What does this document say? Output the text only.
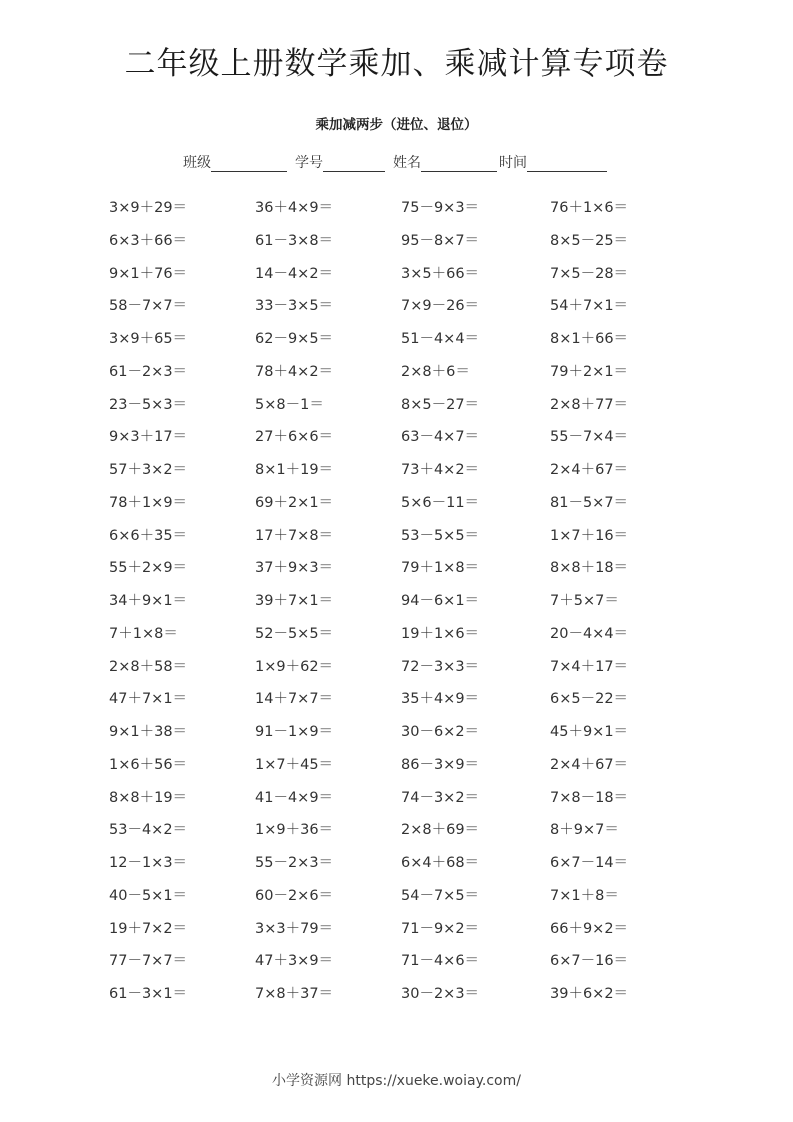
二年级上册数学乘加、乘减计算专项卷
乘加减两步（进位、退位）
班级	学号	姓名	时间
3×9＋29＝	36＋4×9＝	75－9×3＝	76＋1×6＝
6×3＋66＝	61－3×8＝	95－8×7＝	8×5－25＝
9×1＋76＝	14－4×2＝	3×5＋66＝	7×5－28＝
58－7×7＝	33－3×5＝	7×9－26＝	54＋7×1＝
3×9＋65＝	62－9×5＝	51－4×4＝	8×1＋66＝
61－2×3＝	78＋4×2＝	2×8＋6＝	79＋2×1＝
23－5×3＝	5×8－1＝	8×5－27＝	2×8＋77＝
9×3＋17＝	27＋6×6＝	63－4×7＝	55－7×4＝
57＋3×2＝	8×1＋19＝	73＋4×2＝	2×4＋67＝
78＋1×9＝	69＋2×1＝	5×6－11＝	81－5×7＝
6×6＋35＝	17＋7×8＝	53－5×5＝	1×7＋16＝
55＋2×9＝	37＋9×3＝	79＋1×8＝	8×8＋18＝
34＋9×1＝	39＋7×1＝	94－6×1＝	7＋5×7＝
7＋1×8＝	52－5×5＝	19＋1×6＝	20－4×4＝
2×8＋58＝	1×9＋62＝	72－3×3＝	7×4＋17＝
47＋7×1＝	14＋7×7＝	35＋4×9＝	6×5－22＝
9×1＋38＝	91－1×9＝	30－6×2＝	45＋9×1＝
1×6＋56＝	1×7＋45＝	86－3×9＝	2×4＋67＝
8×8＋19＝	41－4×9＝	74－3×2＝	7×8－18＝
53－4×2＝	1×9＋36＝	2×8＋69＝	8＋9×7＝
12－1×3＝	55－2×3＝	6×4＋68＝	6×7－14＝
40－5×1＝	60－2×6＝	54－7×5＝	7×1＋8＝
19＋7×2＝	3×3＋79＝	71－9×2＝	66＋9×2＝
77－7×7＝	47＋3×9＝	71－4×6＝	6×7－16＝
61－3×1＝	7×8＋37＝	30－2×3＝	39＋6×2＝
小学资源网 https://xueke.woiay.com/
